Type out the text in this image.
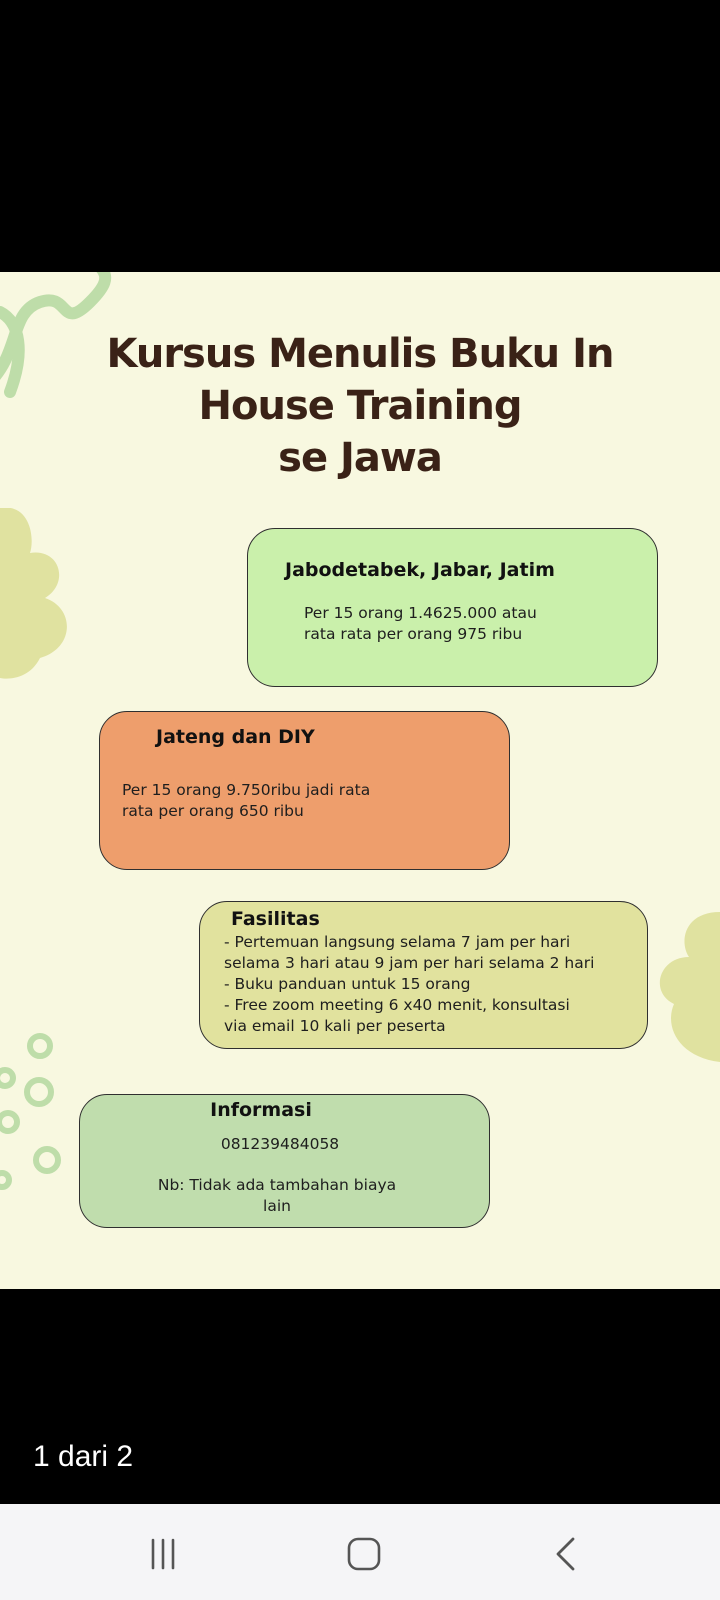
Kursus Menulis Buku In
House Training
se Jawa
Jabodetabek, Jabar, Jatim
Per 15 orang 1.4625.000 atau
rata rata per orang 975 ribu
Jateng dan DIY
Per 15 orang 9.750ribu jadi rata
rata per orang 650 ribu
Fasilitas
- Pertemuan langsung selama 7 jam per hari
selama 3 hari atau 9 jam per hari selama 2 hari
- Buku panduan untuk 15 orang
- Free zoom meeting 6 x40 menit, konsultasi
via email 10 kali per peserta
Informasi
081239484058
Nb: Tidak ada tambahan biaya lain
1 dari 2
